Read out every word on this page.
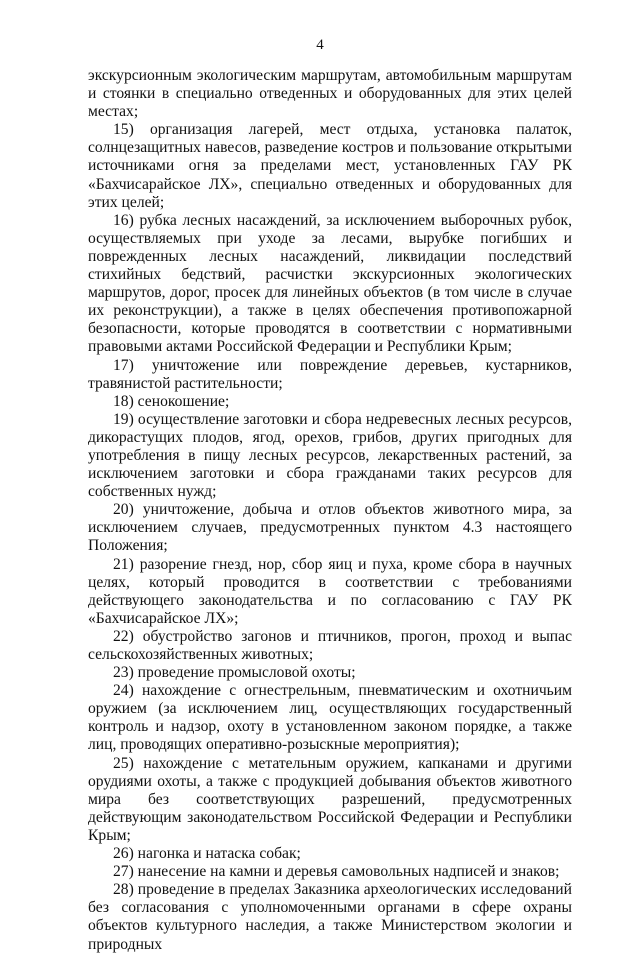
4

экскурсионным экологическим маршрутам, автомобильным маршрутам и стоянки в специально отведенных и оборудованных для этих целей местах;

15) организация лагерей, мест отдыха, установка палаток, солнцезащитных навесов, разведение костров и пользование открытыми источниками огня за пределами мест, установленных ГАУ РК «Бахчисарайское ЛХ», специально отведенных и оборудованных для этих целей;

16) рубка лесных насаждений, за исключением выборочных рубок, осуществляемых при уходе за лесами, вырубке погибших и поврежденных лесных насаждений, ликвидации последствий стихийных бедствий, расчистки экскурсионных экологических маршрутов, дорог, просек для линейных объектов (в том числе в случае их реконструкции), а также в целях обеспечения противопожарной безопасности, которые проводятся в соответствии с нормативными правовыми актами Российской Федерации и Республики Крым;

17) уничтожение или повреждение деревьев, кустарников, травянистой растительности;

18) сенокошение;

19) осуществление заготовки и сбора недревесных лесных ресурсов, дикорастущих плодов, ягод, орехов, грибов, других пригодных для употребления в пищу лесных ресурсов, лекарственных растений, за исключением заготовки и сбора гражданами таких ресурсов для собственных нужд;

20) уничтожение, добыча и отлов объектов животного мира, за исключением случаев, предусмотренных пунктом 4.3 настоящего Положения;

21) разорение гнезд, нор, сбор яиц и пуха, кроме сбора в научных целях, который проводится в соответствии с требованиями действующего законодательства и по согласованию с ГАУ РК «Бахчисарайское ЛХ»;

22) обустройство загонов и птичников, прогон, проход и выпас сельскохозяйственных животных;

23) проведение промысловой охоты;

24) нахождение с огнестрельным, пневматическим и охотничьим оружием (за исключением лиц, осуществляющих государственный контроль и надзор, охоту в установленном законом порядке, а также лиц, проводящих оперативно-розыскные мероприятия);

25) нахождение с метательным оружием, капканами и другими орудиями охоты, а также с продукцией добывания объектов животного мира без соответствующих разрешений, предусмотренных действующим законодательством Российской Федерации и Республики Крым;

26) нагонка и натаска собак;

27) нанесение на камни и деревья самовольных надписей и знаков;

28) проведение в пределах Заказника археологических исследований без согласования с уполномоченными органами в сфере охраны объектов культурного наследия, а также Министерством экологии и природных
